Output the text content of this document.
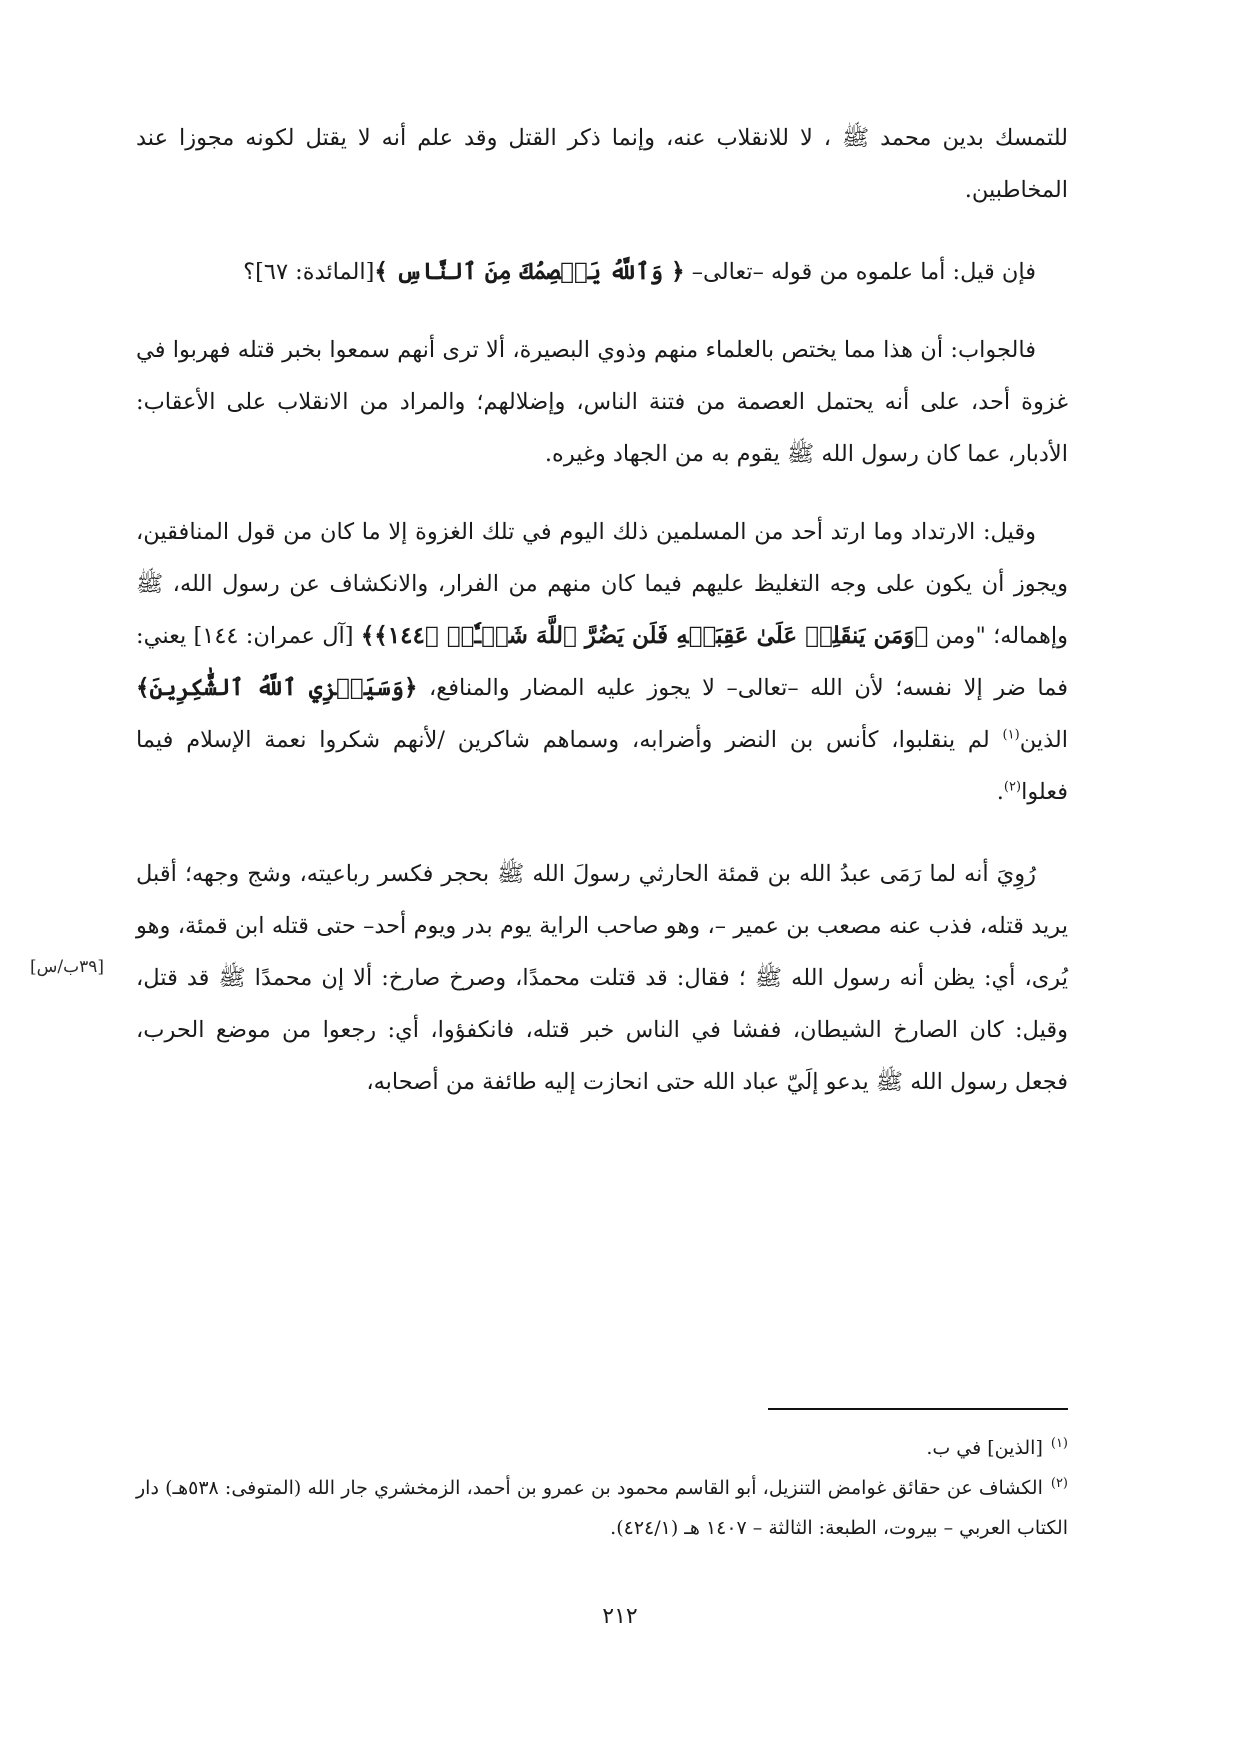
للتمسك بدين محمد ﷺ ، لا للانقلاب عنه، وإنما ذكر القتل وقد علم أنه لا يقتل لكونه مجوزا عند المخاطبين.

فإن قيل: أما علموه من قوله –تعالى– ﴿ وَٱللَّهُ يَعۡصِمُكَ مِنَ ٱلنَّاسِ ﴾[المائدة: ٦٧]؟

فالجواب: أن هذا مما يختص بالعلماء منهم وذوي البصيرة، ألا ترى أنهم سمعوا بخبر قتله فهربوا في غزوة أحد، على أنه يحتمل العصمة من فتنة الناس، وإضلالهم؛ والمراد من الانقلاب على الأعقاب: الأدبار، عما كان رسول الله ﷺ يقوم به من الجهاد وغيره.

وقيل: الارتداد وما ارتد أحد من المسلمين ذلك اليوم في تلك الغزوة إلا ما كان من قول المنافقين، ويجوز أن يكون على وجه التغليظ عليهم فيما كان منهم من الفرار، والانكشاف عن رسول الله، ﷺ وإهماله؛ "ومن ﴿وَمَن يَنقَلِبۡ عَلَىٰ عَقِبَيۡهِ فَلَن يَضُرَّ ٱللَّهَ شَيۡـٔٗاۗ ﴿١٤٤﴾﴾ [آل عمران: ١٤٤] يعني: فما ضر إلا نفسه؛ لأن الله –تعالى– لا يجوز عليه المضار والمنافع، ﴿وَسَيَجۡزِي ٱللَّهُ ٱلشَّٰكِرِينَ﴾الذين$^{(١)}$ لم ينقلبوا، كأنس بن النضر وأضرابه، وسماهم شاكرين /لأنهم شكروا نعمة الإسلام فيما فعلوا$^{(٢)}$.

رُوِيَ أنه لما رَمَى عبدُ الله بن قمئة الحارثي رسولَ الله ﷺ بحجر فكسر رباعيته، وشج وجهه؛ أقبل يريد قتله، فذب عنه مصعب بن عمير –، وهو صاحب الراية يوم بدر ويوم أحد– حتى قتله ابن قمئة، وهو يُرى، أي: يظن أنه رسول الله ﷺ ؛ فقال: قد قتلت محمدًا، وصرخ صارخ: ألا إن محمدًا ﷺ قد قتل، وقيل: كان الصارخ الشيطان، ففشا في الناس خبر قتله، فانكفؤوا، أي: رجعوا من موضع الحرب، فجعل رسول الله ﷺ يدعو إلَيّ عباد الله حتى انحازت إليه طائفة من أصحابه،

[٣٩ب/س]

$^{(١)}$[الذين] في ب.

$^{(٢)}$الكشاف عن حقائق غوامض التنزيل، أبو القاسم محمود بن عمرو بن أحمد، الزمخشري جار الله (المتوفى: ٥٣٨هـ) دار الكتاب العربي – بيروت، الطبعة: الثالثة – ١٤٠٧ هـ (٤٢٤/١).

٢١٢
